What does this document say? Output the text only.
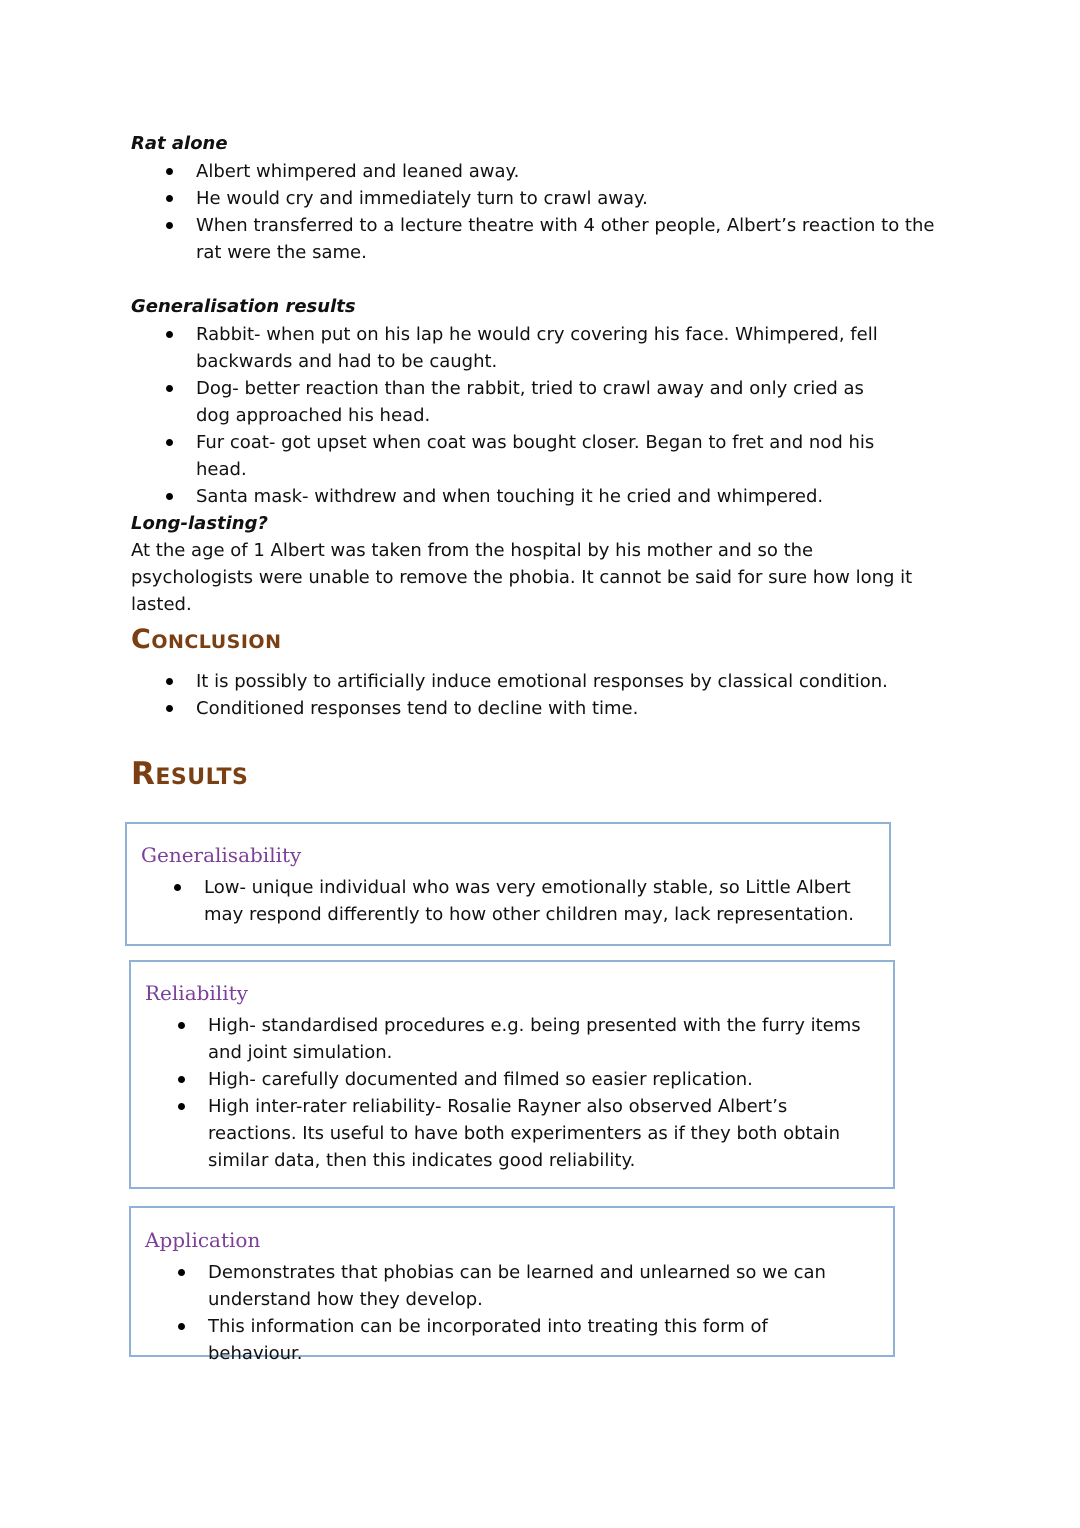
Rat alone

Albert whimpered and leaned away.
He would cry and immediately turn to crawl away.
When transferred to a lecture theatre with 4 other people, Albert’s reaction to the rat were the same.

Generalisation results

Rabbit- when put on his lap he would cry covering his face. Whimpered, fell backwards and had to be caught.
Dog- better reaction than the rabbit, tried to crawl away and only cried as dog approached his head.
Fur coat- got upset when coat was bought closer. Began to fret and nod his head.
Santa mask- withdrew and when touching it he cried and whimpered.

Long-lasting?

At the age of 1 Albert was taken from the hospital by his mother and so the psychologists were unable to remove the phobia. It cannot be said for sure how long it lasted.

Conclusion
It is possibly to artificially induce emotional responses by classical condition.
Conditioned responses tend to decline with time.
Results

Generalisability

Low- unique individual who was very emotionally stable, so Little Albert may respond differently to how other children may, lack representation.

Reliability

High- standardised procedures e.g. being presented with the furry items and joint simulation.
High- carefully documented and filmed so easier replication.
High inter-rater reliability- Rosalie Rayner also observed Albert’s reactions. Its useful to have both experimenters as if they both obtain similar data, then this indicates good reliability.

Application

Demonstrates that phobias can be learned and unlearned so we can understand how they develop.
This information can be incorporated into treating this form of behaviour.
